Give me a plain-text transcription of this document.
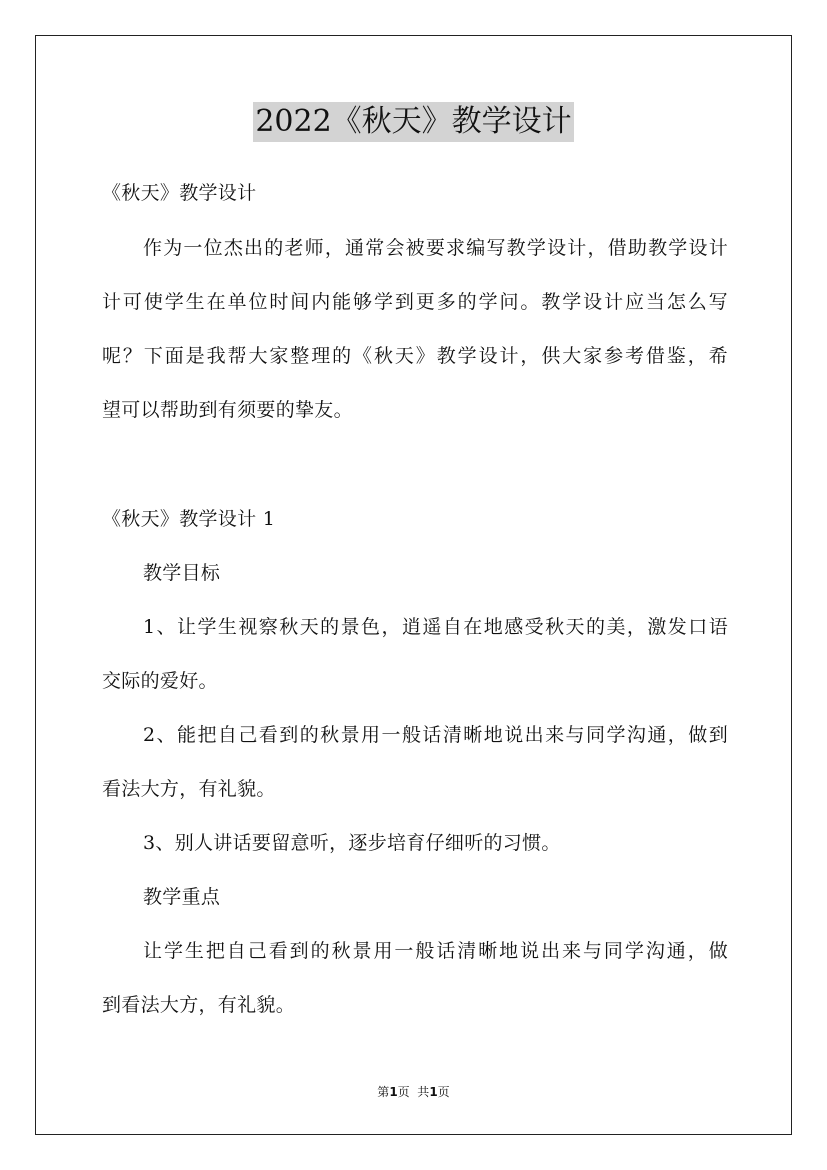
2022《秋天》教学设计
《秋天》教学设计
作为一位杰出的老师，通常会被要求编写教学设计，借助教学设计
计可使学生在单位时间内能够学到更多的学问。教学设计应当怎么写
呢？下面是我帮大家整理的《秋天》教学设计，供大家参考借鉴，希
望可以帮助到有须要的挚友。
《秋天》教学设计 1
教学目标
1、让学生视察秋天的景色，逍遥自在地感受秋天的美，激发口语
交际的爱好。
2、能把自己看到的秋景用一般话清晰地说出来与同学沟通，做到
看法大方，有礼貌。
3、别人讲话要留意听，逐步培育仔细听的习惯。
教学重点
让学生把自己看到的秋景用一般话清晰地说出来与同学沟通，做
到看法大方，有礼貌。
第1页  共1页
